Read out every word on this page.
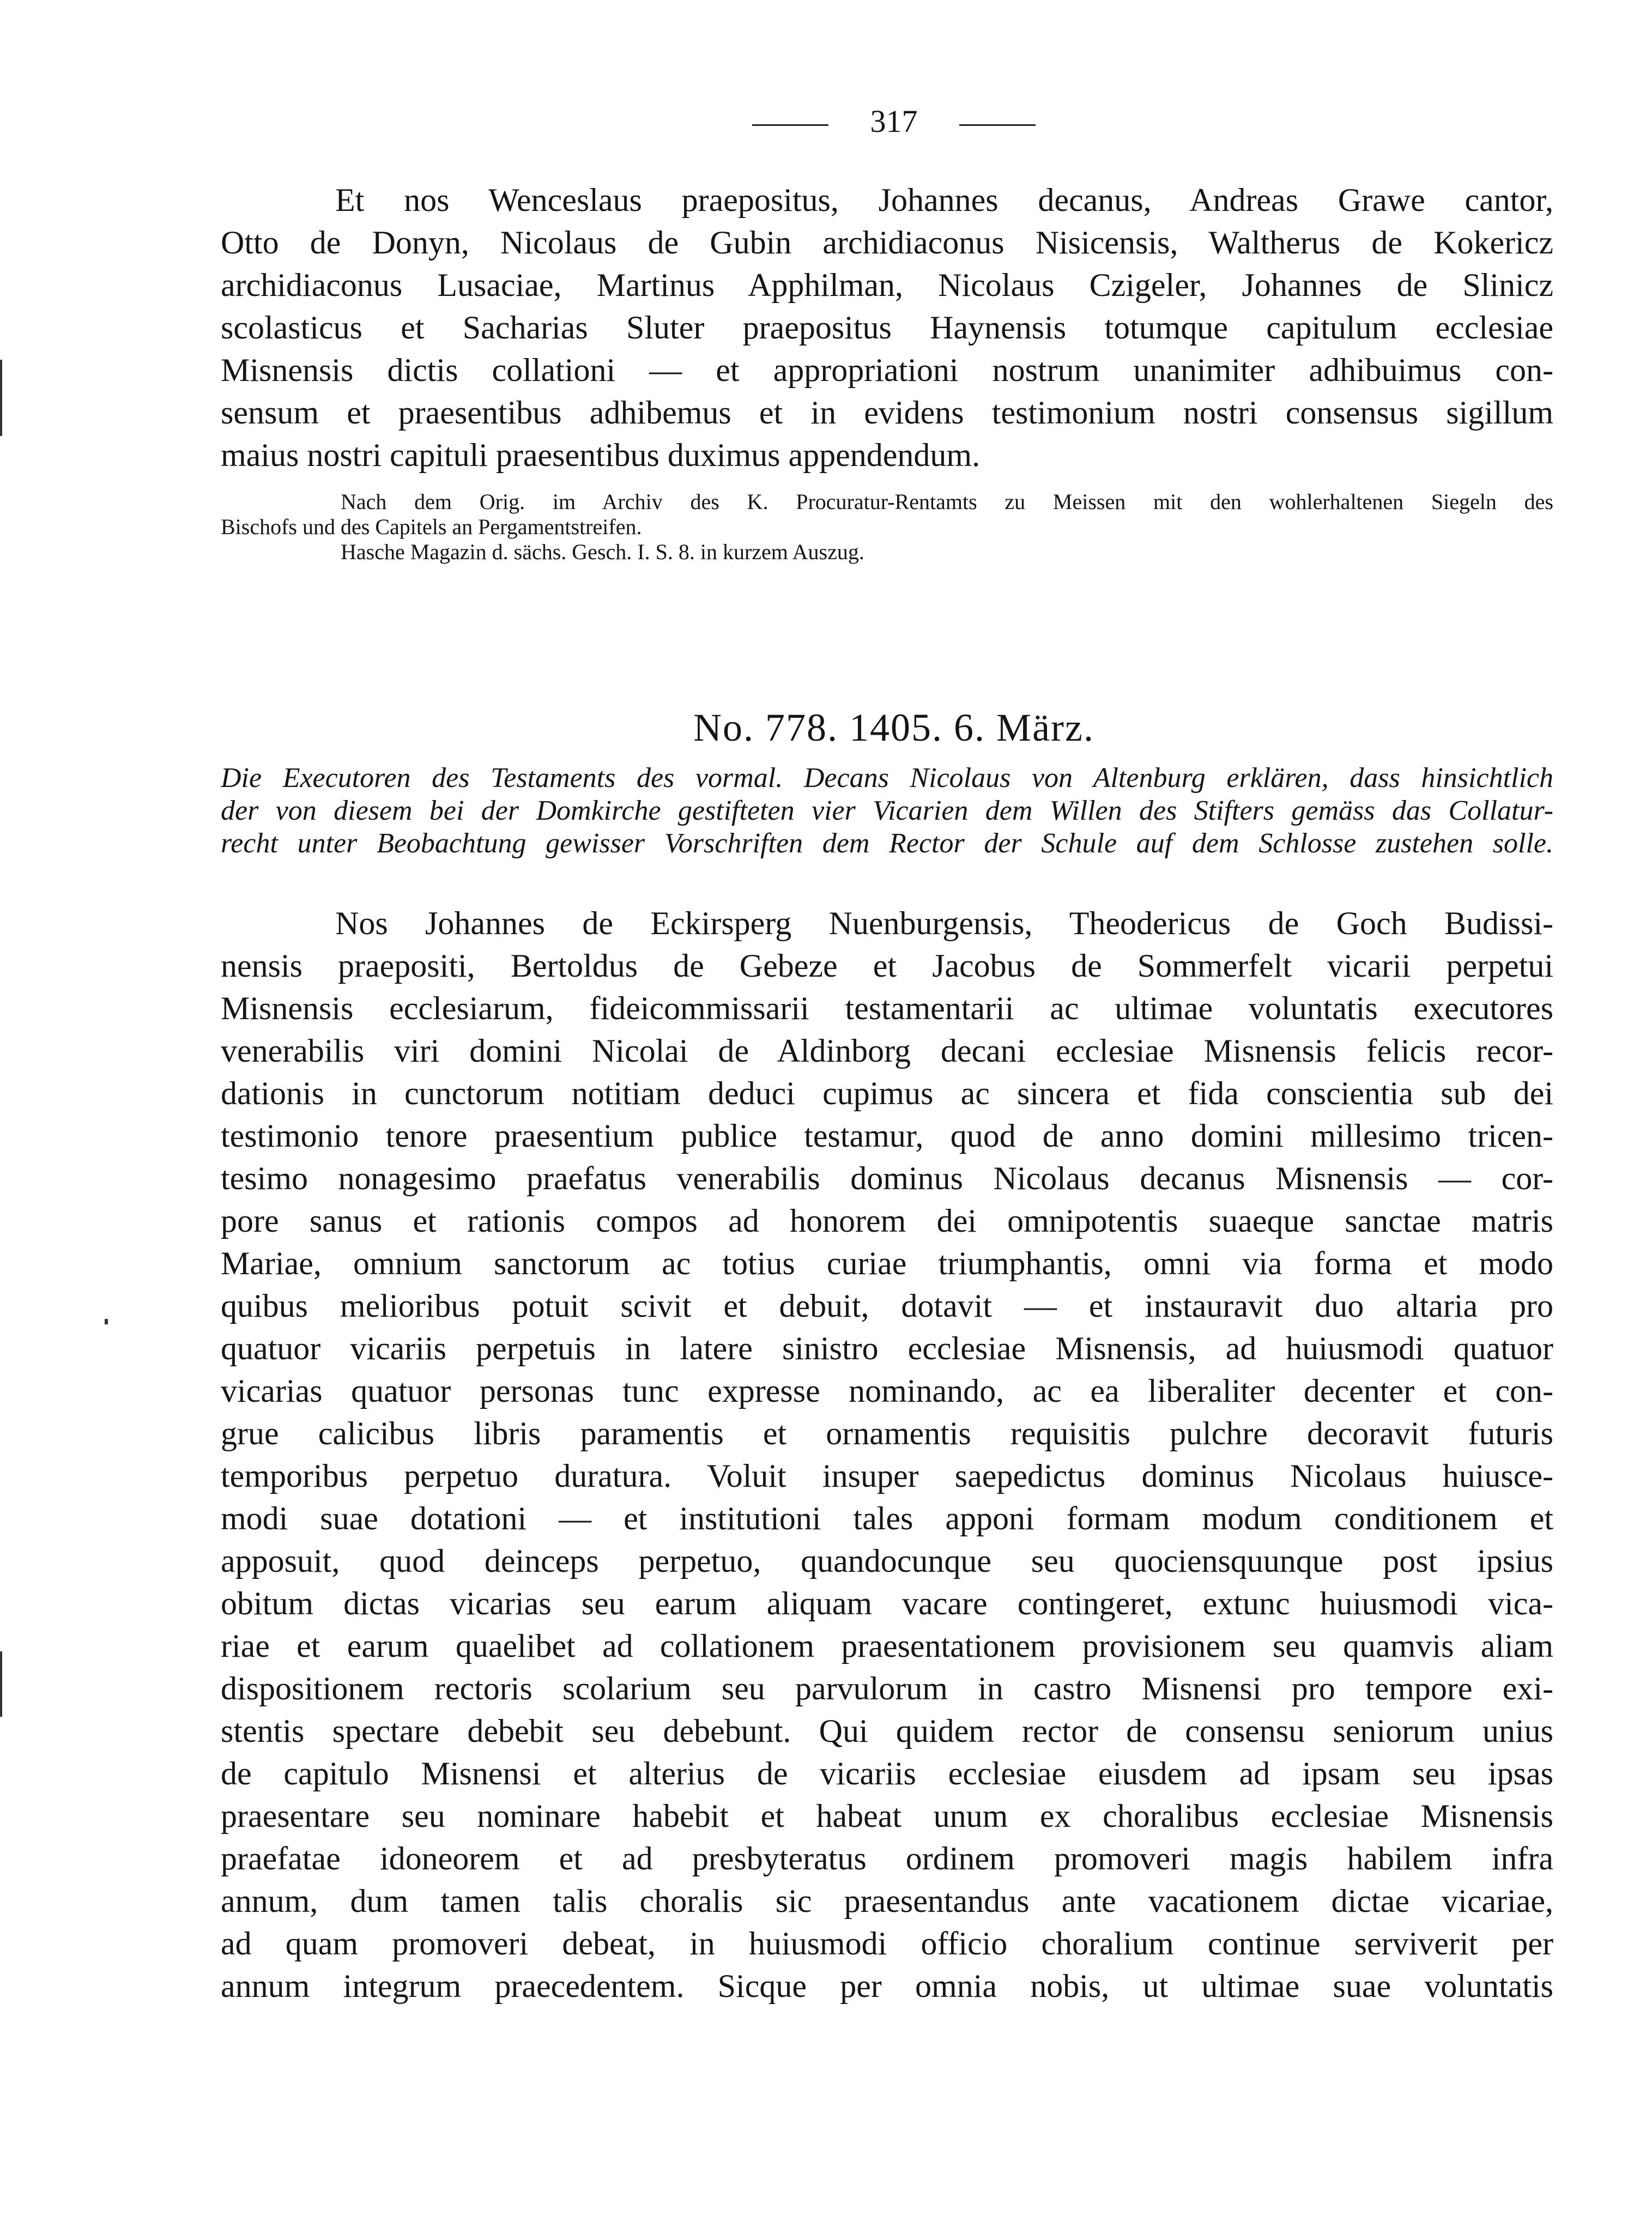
317
Et nos Wenceslaus praepositus, Johannes decanus, Andreas Grawe cantor,
Otto de Donyn, Nicolaus de Gubin archidiaconus Nisicensis, Waltherus de Kokericz
archidiaconus Lusaciae, Martinus Apphilman, Nicolaus Czigeler, Johannes de Slinicz
scolasticus et Sacharias Sluter praepositus Haynensis totumque capitulum ecclesiae
Misnensis dictis collationi — et appropriationi nostrum unanimiter adhibuimus con-
sensum et praesentibus adhibemus et in evidens testimonium nostri consensus sigillum
maius nostri capituli praesentibus duximus appendendum.
Nach dem Orig. im Archiv des K. Procuratur-Rentamts zu Meissen mit den wohlerhaltenen Siegeln des
Bischofs und des Capitels an Pergamentstreifen.
Hasche Magazin d. sächs. Gesch. I. S. 8. in kurzem Auszug.
No. 778. 1405. 6. März.
Die Executoren des Testaments des vormal. Decans Nicolaus von Altenburg erklären, dass hinsichtlich
der von diesem bei der Domkirche gestifteten vier Vicarien dem Willen des Stifters gemäss das Collatur-
recht unter Beobachtung gewisser Vorschriften dem Rector der Schule auf dem Schlosse zustehen solle.
Nos Johannes de Eckirsperg Nuenburgensis, Theodericus de Goch Budissi-
nensis praepositi, Bertoldus de Gebeze et Jacobus de Sommerfelt vicarii perpetui
Misnensis ecclesiarum, fideicommissarii testamentarii ac ultimae voluntatis executores
venerabilis viri domini Nicolai de Aldinborg decani ecclesiae Misnensis felicis recor-
dationis in cunctorum notitiam deduci cupimus ac sincera et fida conscientia sub dei
testimonio tenore praesentium publice testamur, quod de anno domini millesimo tricen-
tesimo nonagesimo praefatus venerabilis dominus Nicolaus decanus Misnensis — cor-
pore sanus et rationis compos ad honorem dei omnipotentis suaeque sanctae matris
Mariae, omnium sanctorum ac totius curiae triumphantis, omni via forma et modo
quibus melioribus potuit scivit et debuit, dotavit — et instauravit duo altaria pro
quatuor vicariis perpetuis in latere sinistro ecclesiae Misnensis, ad huiusmodi quatuor
vicarias quatuor personas tunc expresse nominando, ac ea liberaliter decenter et con-
grue calicibus libris paramentis et ornamentis requisitis pulchre decoravit futuris
temporibus perpetuo duratura. Voluit insuper saepedictus dominus Nicolaus huiusce-
modi suae dotationi — et institutioni tales apponi formam modum conditionem et
apposuit, quod deinceps perpetuo, quandocunque seu quociensquunque post ipsius
obitum dictas vicarias seu earum aliquam vacare contingeret, extunc huiusmodi vica-
riae et earum quaelibet ad collationem praesentationem provisionem seu quamvis aliam
dispositionem rectoris scolarium seu parvulorum in castro Misnensi pro tempore exi-
stentis spectare debebit seu debebunt. Qui quidem rector de consensu seniorum unius
de capitulo Misnensi et alterius de vicariis ecclesiae eiusdem ad ipsam seu ipsas
praesentare seu nominare habebit et habeat unum ex choralibus ecclesiae Misnensis
praefatae idoneorem et ad presbyteratus ordinem promoveri magis habilem infra
annum, dum tamen talis choralis sic praesentandus ante vacationem dictae vicariae,
ad quam promoveri debeat, in huiusmodi officio choralium continue serviverit per
annum integrum praecedentem. Sicque per omnia nobis, ut ultimae suae voluntatis
